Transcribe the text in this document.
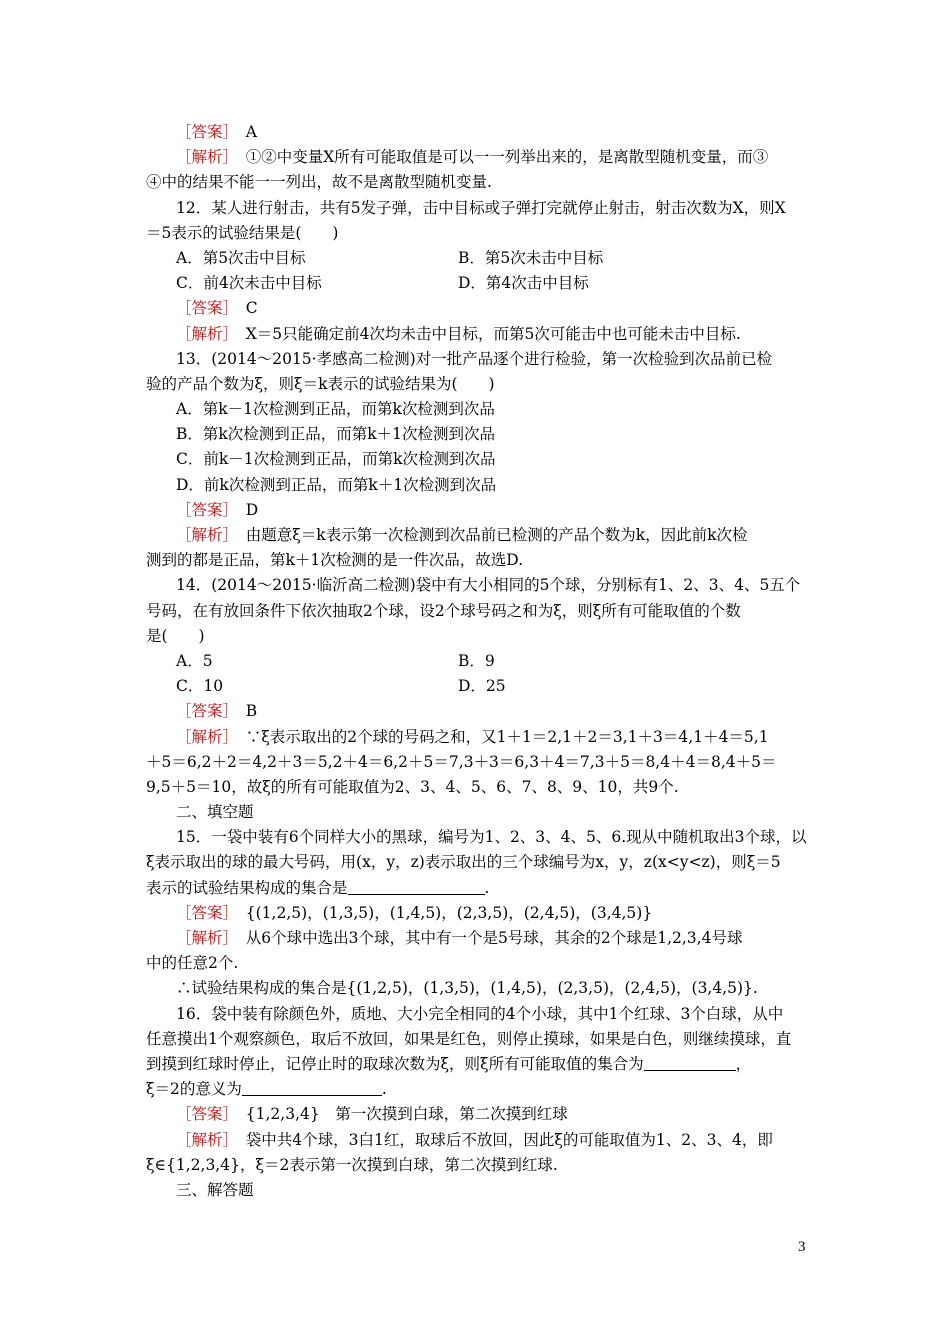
［答案］　A
［解析］　①②中变量X所有可能取值是可以一一列举出来的，是离散型随机变量，而③
④中的结果不能一一列出，故不是离散型随机变量.
12．某人进行射击，共有5发子弹，击中目标或子弹打完就停止射击，射击次数为X，则X
＝5表示的试验结果是(　　)
A．第5次击中目标	B．第5次未击中目标
C．前4次未击中目标	D．第4次击中目标
［答案］　C
［解析］　X＝5只能确定前4次均未击中目标，而第5次可能击中也可能未击中目标.
13．(2014～2015·孝感高二检测)对一批产品逐个进行检验，第一次检验到次品前已检
验的产品个数为ξ，则ξ＝k表示的试验结果为(　　)
A．第k－1次检测到正品，而第k次检测到次品
B．第k次检测到正品，而第k＋1次检测到次品
C．前k－1次检测到正品，而第k次检测到次品
D．前k次检测到正品，而第k＋1次检测到次品
［答案］　D
［解析］　由题意ξ＝k表示第一次检测到次品前已检测的产品个数为k，因此前k次检
测到的都是正品，第k＋1次检测的是一件次品，故选D.
14．(2014～2015·临沂高二检测)袋中有大小相同的5个球，分别标有1、2、3、4、5五个
号码，在有放回条件下依次抽取2个球，设2个球号码之和为ξ，则ξ所有可能取值的个数
是(　　)
A．5	B．9
C．10	D．25
［答案］　B
［解析］　∵ξ表示取出的2个球的号码之和，又1＋1＝2,1＋2＝3,1＋3＝4,1＋4＝5,1
＋5＝6,2＋2＝4,2＋3＝5,2＋4＝6,2＋5＝7,3＋3＝6,3＋4＝7,3＋5＝8,4＋4＝8,4＋5＝
9,5＋5＝10，故ξ的所有可能取值为2、3、4、5、6、7、8、9、10，共9个.
二、填空题
15．一袋中装有6个同样大小的黑球，编号为1、2、3、4、5、6.现从中随机取出3个球，以
ξ表示取出的球的最大号码，用(x，y，z)表示取出的三个球编号为x，y，z(x<y<z)，则ξ＝5
表示的试验结果构成的集合是	.
［答案］　{(1,2,5)，(1,3,5)，(1,4,5)，(2,3,5)，(2,4,5)，(3,4,5)}
［解析］　从6个球中选出3个球，其中有一个是5号球，其余的2个球是1,2,3,4号球
中的任意2个.
∴试验结果构成的集合是{(1,2,5)，(1,3,5)，(1,4,5)，(2,3,5)，(2,4,5)，(3,4,5)}.
16．袋中装有除颜色外，质地、大小完全相同的4个小球，其中1个红球、3个白球，从中
任意摸出1个观察颜色，取后不放回，如果是红色，则停止摸球，如果是白色，则继续摸球，直
到摸到红球时停止，记停止时的取球次数为ξ，则ξ所有可能取值的集合为	，
ξ＝2的意义为	.
［答案］　{1,2,3,4}　第一次摸到白球，第二次摸到红球
［解析］　袋中共4个球，3白1红，取球后不放回，因此ξ的可能取值为1、2、3、4，即
ξ∈{1,2,3,4}，ξ＝2表示第一次摸到白球，第二次摸到红球.
三、解答题
3
